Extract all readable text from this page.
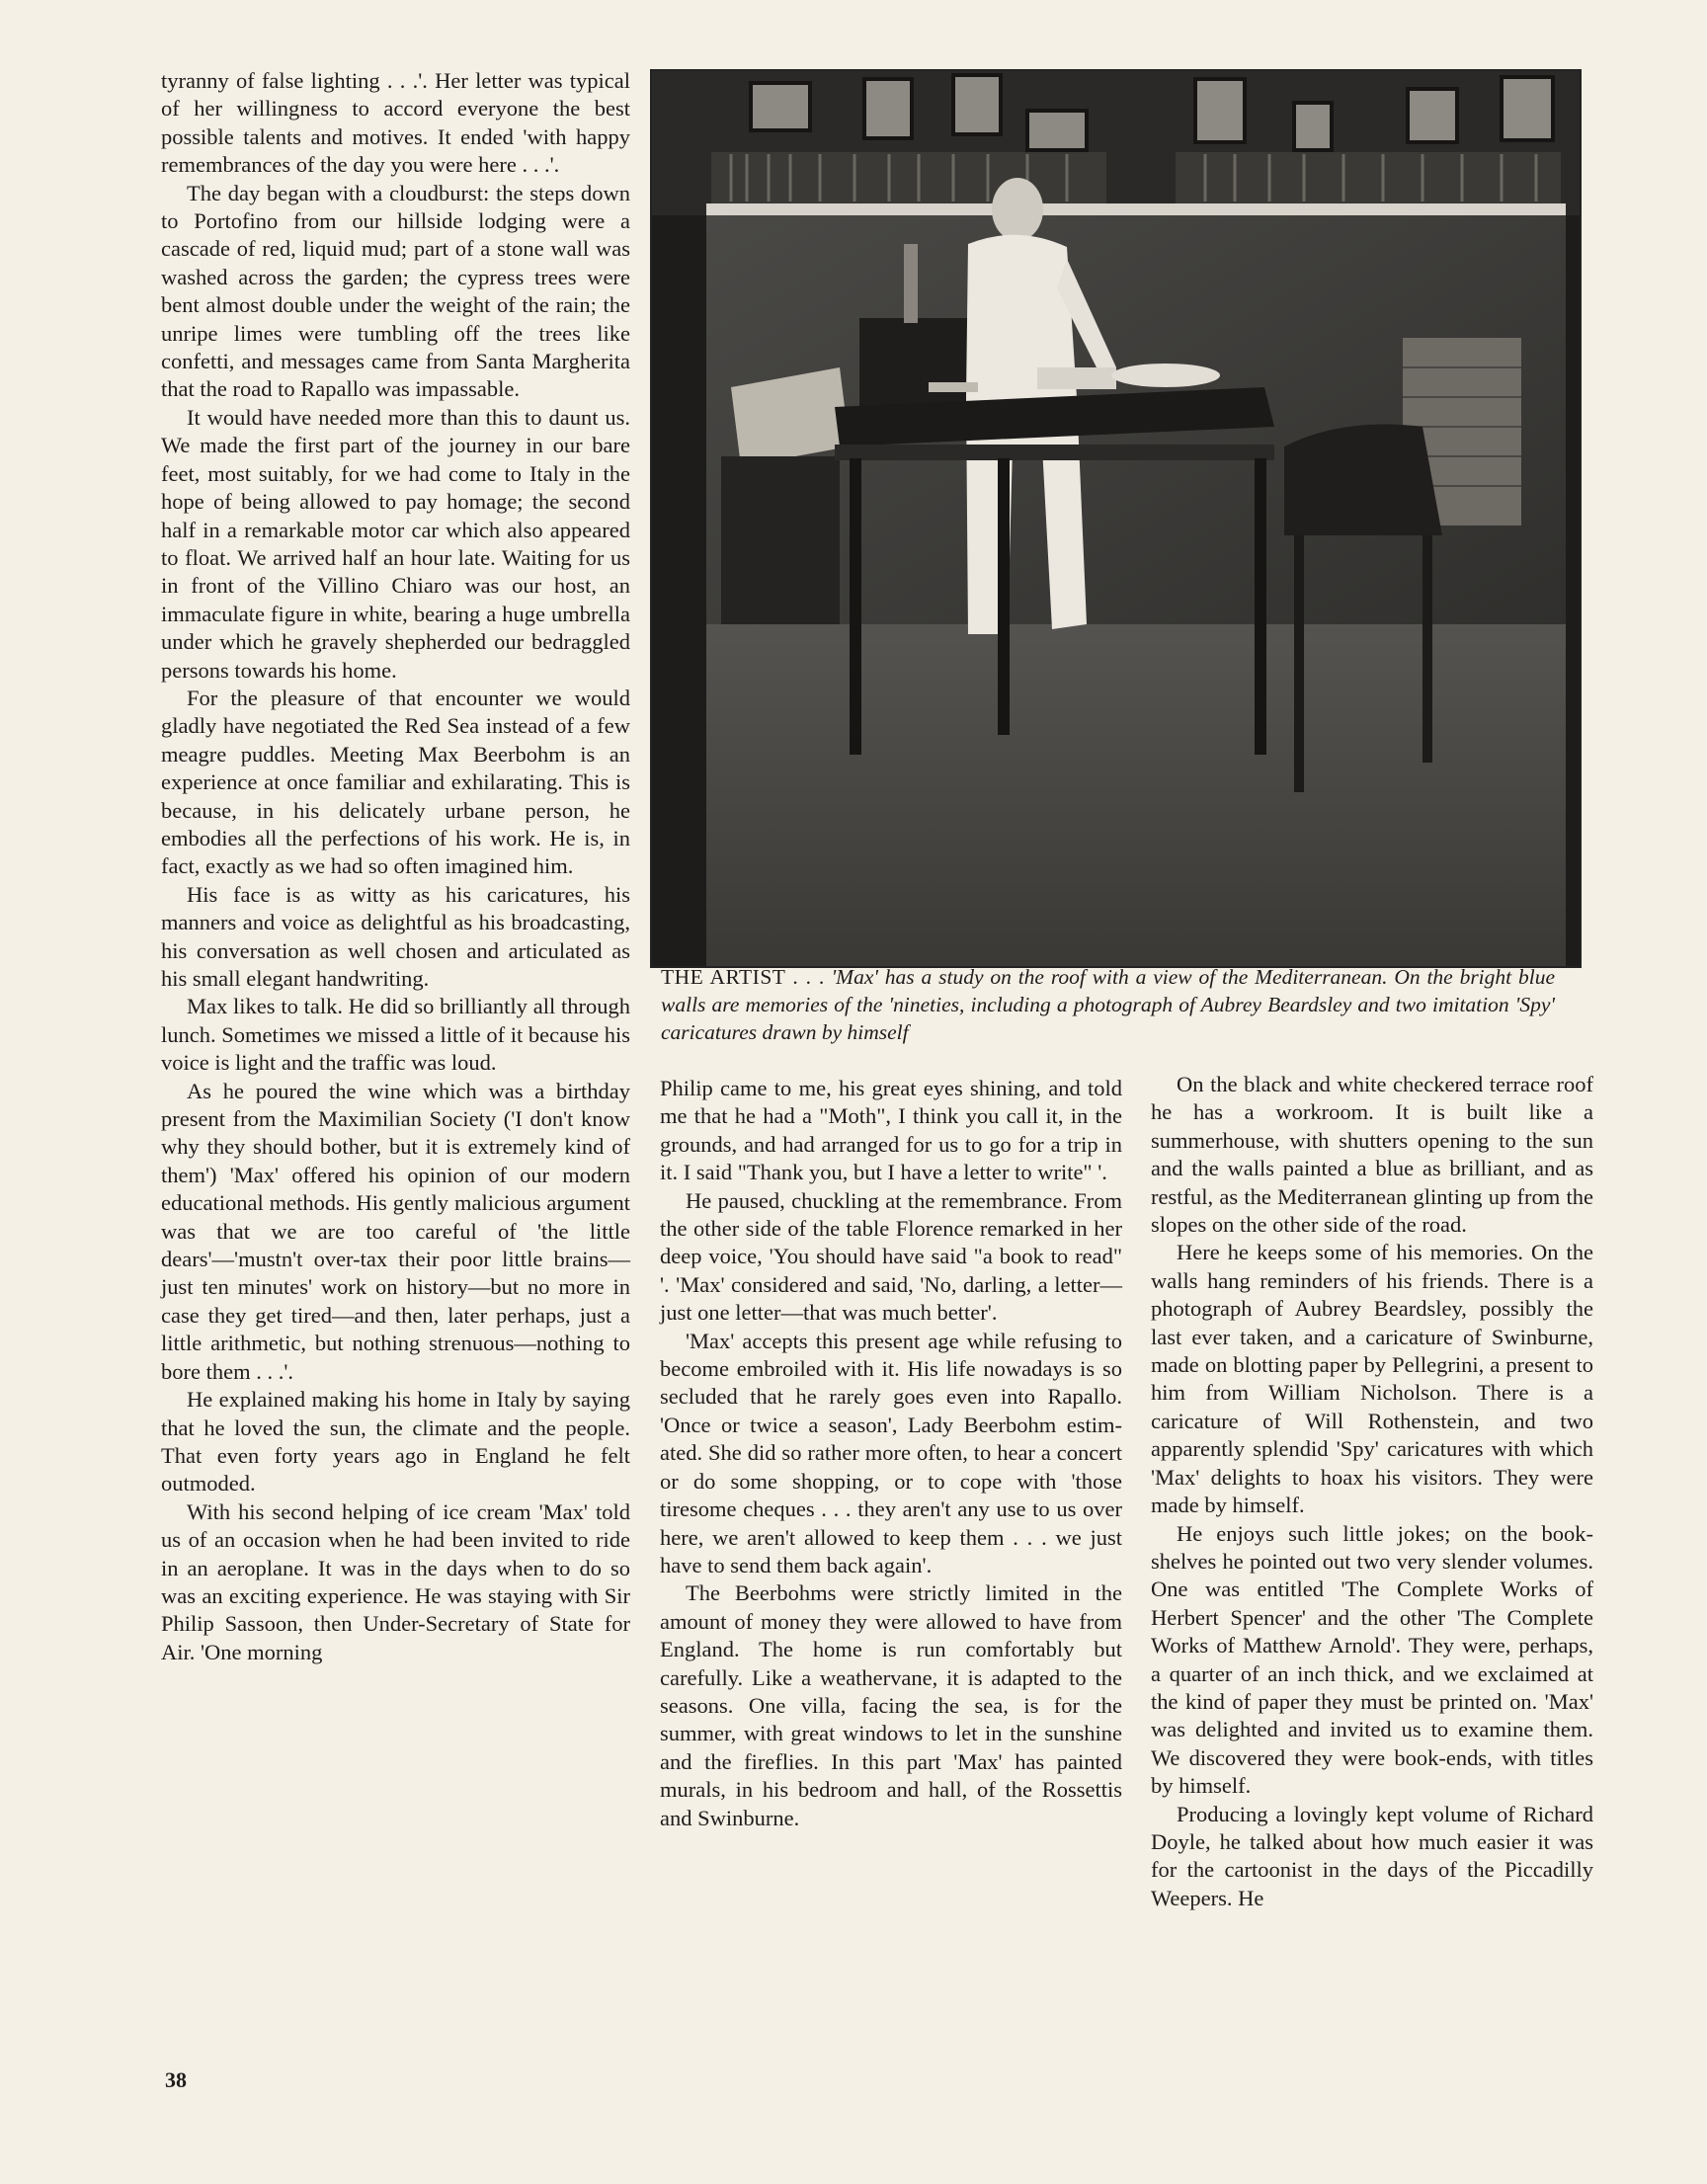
tyranny of false lighting . . .'. Her letter was typical of her willingness to accord everyone the best possible talents and motives. It ended 'with happy remembrances of the day you were here . . .'.

The day began with a cloudburst: the steps down to Portofino from our hillside lodging were a cascade of red, liquid mud; part of a stone wall was washed across the garden; the cypress trees were bent almost double under the weight of the rain; the unripe limes were tumbling off the trees like confetti, and messages came from Santa Margherita that the road to Rapallo was impassable.

It would have needed more than this to daunt us. We made the first part of the journey in our bare feet, most suitably, for we had come to Italy in the hope of being allowed to pay homage; the second half in a remarkable motor car which also appeared to float. We arrived half an hour late. Waiting for us in front of the Villino Chiaro was our host, an immaculate figure in white, bearing a huge umbrella under which he gravely shepherded our bedraggled persons towards his home.

For the pleasure of that encounter we would gladly have negotiated the Red Sea instead of a few meagre puddles. Meeting Max Beerbohm is an experience at once familiar and exhilarating. This is because, in his delicately urbane person, he embodies all the perfections of his work. He is, in fact, exactly as we had so often imagined him.

His face is as witty as his caricatures, his manners and voice as delightful as his broadcasting, his conversation as well chosen and articulated as his small elegant handwriting.

Max likes to talk. He did so brilliantly all through lunch. Sometimes we missed a little of it because his voice is light and the traffic was loud.

As he poured the wine which was a birthday present from the Maximilian Society ('I don't know why they should bother, but it is extremely kind of them') 'Max' offered his opinion of our modern educational methods. His gently malicious argument was that we are too careful of 'the little dears'—'mustn't over-tax their poor little brains—just ten minutes' work on history—but no more in case they get tired—and then, later perhaps, just a little arithmetic, but nothing strenuous—nothing to bore them . . .'.

He explained making his home in Italy by saying that he loved the sun, the climate and the people. That even forty years ago in England he felt outmoded.

With his second helping of ice cream 'Max' told us of an occasion when he had been invited to ride in an aeroplane. It was in the days when to do so was an exciting experience. He was staying with Sir Philip Sassoon, then Under-Secretary of State for Air. 'One morning

THE ARTIST . . . 'Max' has a study on the roof with a view of the Mediterranean. On the bright blue walls are memories of the 'nineties, including a photograph of Aubrey Beardsley and two imitation 'Spy' caricatures drawn by himself

Philip came to me, his great eyes shining, and told me that he had a "Moth", I think you call it, in the grounds, and had arranged for us to go for a trip in it. I said "Thank you, but I have a letter to write" '.

He paused, chuckling at the remembrance. From the other side of the table Florence remarked in her deep voice, 'You should have said "a book to read" '. 'Max' considered and said, 'No, darling, a letter—just one letter—that was much better'.

'Max' accepts this present age while refusing to become embroiled with it. His life nowadays is so secluded that he rarely goes even into Rapallo. 'Once or twice a season', Lady Beerbohm estimated. She did so rather more often, to hear a concert or do some shopping, or to cope with 'those tiresome cheques . . . they aren't any use to us over here, we aren't allowed to keep them . . . we just have to send them back again'.

The Beerbohms were strictly limited in the amount of money they were allowed to have from England. The home is run comfortably but carefully. Like a weathervane, it is adapted to the seasons. One villa, facing the sea, is for the summer, with great windows to let in the sunshine and the fireflies. In this part 'Max' has painted murals, in his bedroom and hall, of the Rossettis and Swinburne.

On the black and white checkered terrace roof he has a workroom. It is built like a summerhouse, with shutters opening to the sun and the walls painted a blue as brilliant, and as restful, as the Mediterranean glinting up from the slopes on the other side of the road.

Here he keeps some of his memories. On the walls hang reminders of his friends. There is a photograph of Aubrey Beardsley, possibly the last ever taken, and a caricature of Swinburne, made on blotting paper by Pellegrini, a present to him from William Nicholson. There is a caricature of Will Rothenstein, and two apparently splendid 'Spy' caricatures with which 'Max' delights to hoax his visitors. They were made by himself.

He enjoys such little jokes; on the book-shelves he pointed out two very slender volumes. One was entitled 'The Complete Works of Herbert Spencer' and the other 'The Complete Works of Matthew Arnold'. They were, perhaps, a quarter of an inch thick, and we exclaimed at the kind of paper they must be printed on. 'Max' was delighted and invited us to examine them. We discovered they were book-ends, with titles by himself.

Producing a lovingly kept volume of Richard Doyle, he talked about how much easier it was for the cartoonist in the days of the Piccadilly Weepers. He

38
